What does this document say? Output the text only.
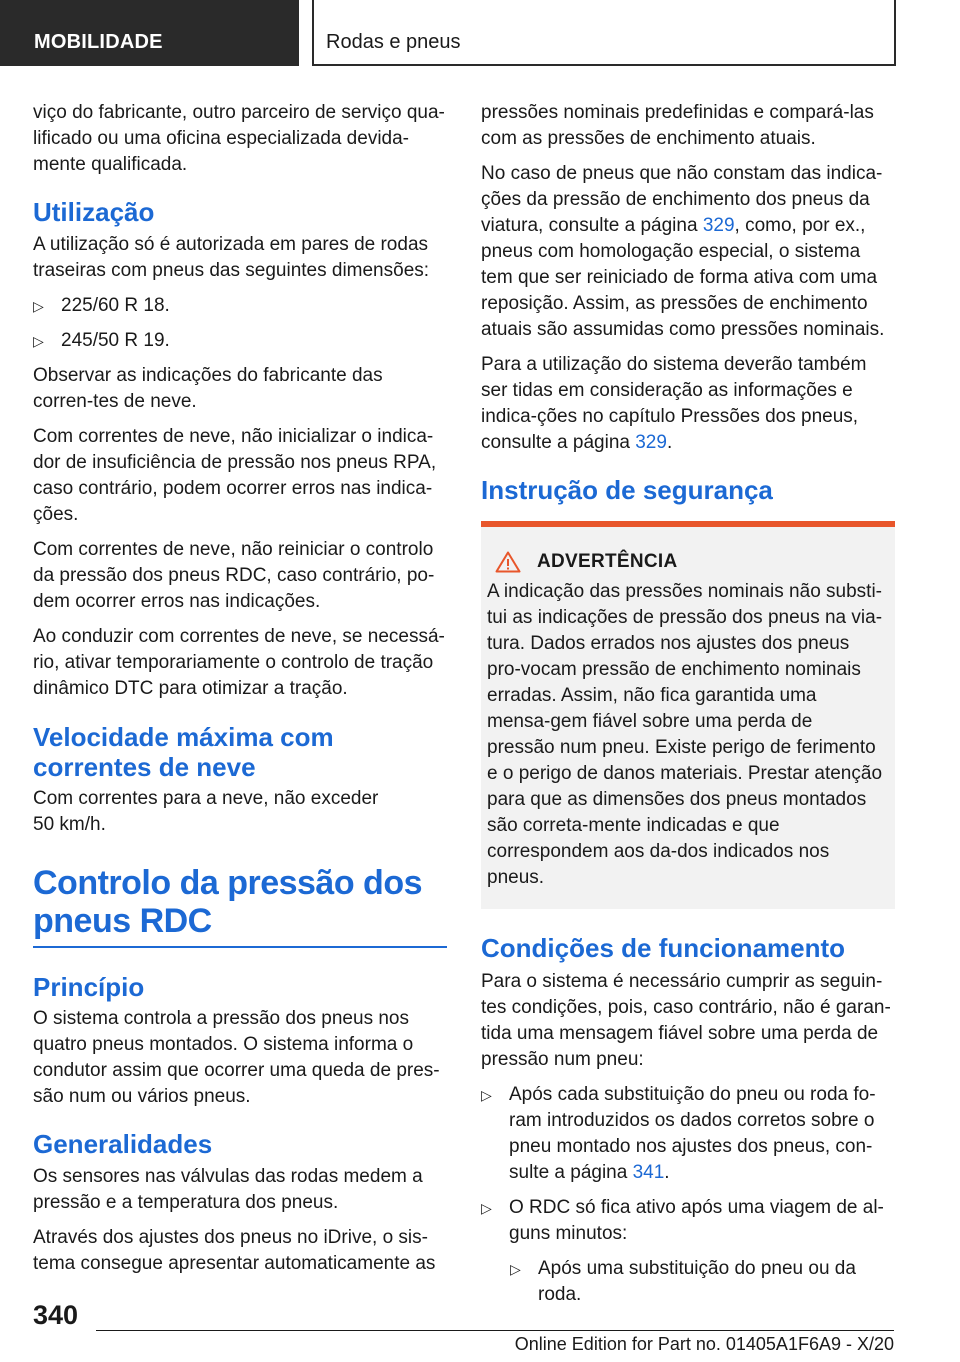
MOBILIDADE	Rodas e pneus

viço do fabricante, outro parceiro de serviço qua-lificado ou uma oficina especializada devida-mente qualificada.

Utilização

A utilização só é autorizada em pares de rodas traseiras com pneus das seguintes dimensões:

▷ 225/60 R 18.
▷ 245/50 R 19.

Observar as indicações do fabricante das corren-tes de neve.

Com correntes de neve, não inicializar o indica-dor de insuficiência de pressão nos pneus RPA, caso contrário, podem ocorrer erros nas indica-ções.

Com correntes de neve, não reiniciar o controlo da pressão dos pneus RDC, caso contrário, po-dem ocorrer erros nas indicações.

Ao conduzir com correntes de neve, se necessá-rio, ativar temporariamente o controlo de tração dinâmico DTC para otimizar a tração.

Velocidade máxima com correntes de neve

Com correntes para a neve, não exceder 50 km/h.

Controlo da pressão dos pneus RDC
Princípio

O sistema controla a pressão dos pneus nos quatro pneus montados. O sistema informa o condutor assim que ocorrer uma queda de pres-são num ou vários pneus.

Generalidades

Os sensores nas válvulas das rodas medem a pressão e a temperatura dos pneus.

Através dos ajustes dos pneus no iDrive, o sis-tema consegue apresentar automaticamente as

pressões nominais predefinidas e compará-las com as pressões de enchimento atuais.

No caso de pneus que não constam das indica-ções da pressão de enchimento dos pneus da viatura, consulte a página 329, como, por ex., pneus com homologação especial, o sistema tem que ser reiniciado de forma ativa com uma reposição. Assim, as pressões de enchimento atuais são assumidas como pressões nominais.

Para a utilização do sistema deverão também ser tidas em consideração as informações e indica-ções no capítulo Pressões dos pneus, consulte a página 329.

Instrução de segurança
ADVERTÊNCIA

A indicação das pressões nominais não substi-tui as indicações de pressão dos pneus na via-tura. Dados errados nos ajustes dos pneus pro-vocam pressão de enchimento nominais erradas. Assim, não fica garantida uma mensa-gem fiável sobre uma perda de pressão num pneu. Existe perigo de ferimento e o perigo de danos materiais. Prestar atenção para que as dimensões dos pneus montados são correta-mente indicadas e que correspondem aos da-dos indicados nos pneus.

Condições de funcionamento

Para o sistema é necessário cumprir as seguin-tes condições, pois, caso contrário, não é garan-tida uma mensagem fiável sobre uma perda de pressão num pneu:

▷ Após cada substituição do pneu ou roda fo-ram introduzidos os dados corretos sobre o pneu montado nos ajustes dos pneus, con-sulte a página 341.
▷ O RDC só fica ativo após uma viagem de al-guns minutos:
▷ Após uma substituição do pneu ou da roda.
340
Online Edition for Part no. 01405A1F6A9 - X/20
